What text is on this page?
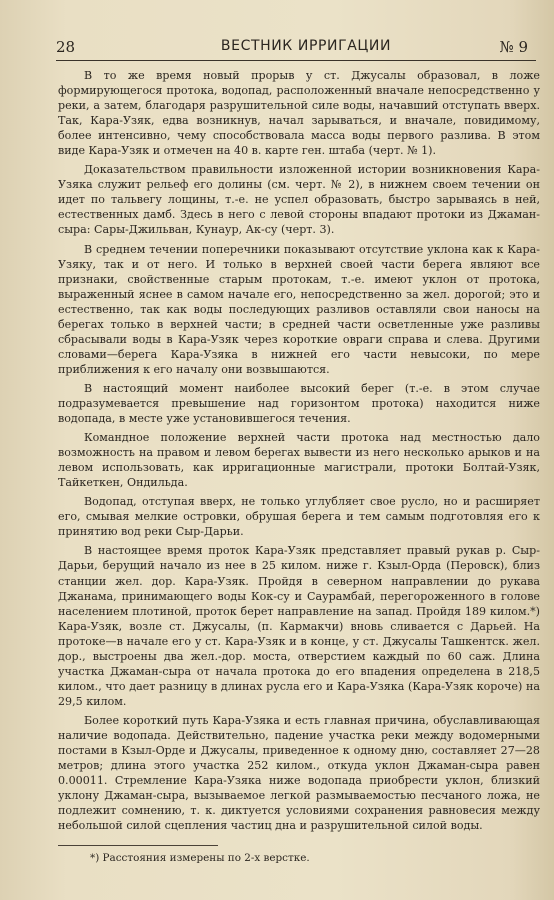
28	ВЕСТНИК ИРРИГАЦИИ	№ 9

В то же время новый прорыв у ст. Джусалы образовал, в ложе формирующегося протока, водопад, расположенный вначале непосредственно у реки, а затем, благодаря разрушительной силе воды, начавший отступать вверх. Так, Кара-Узяк, едва возникнув, начал зарываться, и вначале, повидимому, более интенсивно, чему способствовала масса воды первого разлива. В этом виде Кара-Узяк и отмечен на 40 в. карте ген. штаба (черт. № 1).

Доказательством правильности изложенной истории возникновения Кара-Узяка служит рельеф его долины (см. черт. № 2), в нижнем своем течении он идет по тальвегу лощины, т.-е. не успел образовать, быстро зарываясь в ней, естественных дамб. Здесь в него с левой стороны впадают протоки из Джаман-сыра: Сары-Джильван, Кунаур, Ак-су (черт. 3).

В среднем течении поперечники показывают отсутствие уклона как к Кара-Узяку, так и от него. И только в верхней своей части берега являют все признаки, свойственные старым протокам, т.-е. имеют уклон от протока, выраженный яснее в самом начале его, непосредственно за жел. дорогой; это и естественно, так как воды последующих разливов оставляли свои наносы на берегах только в верхней части; в средней части осветленные уже разливы сбрасывали воды в Кара-Узяк через короткие овраги справа и слева. Другими словами—берега Кара-Узяка в нижней его части невысоки, по мере приближения к его началу они возвышаются.

В настоящий момент наиболее высокий берег (т.-е. в этом случае подразумевается превышение над горизонтом протока) находится ниже водопада, в месте уже установившегося течения.

Командное положение верхней части протока над местностью дало возможность на правом и левом берегах вывести из него несколько арыков и на левом использовать, как ирригационные магистрали, протоки Болтай-Узяк, Тайкеткен, Ондильда.

Водопад, отступая вверх, не только углубляет свое русло, но и расширяет его, смывая мелкие островки, обрушая берега и тем самым подготовляя его к принятию вод реки Сыр-Дарьи.

В настоящее время проток Кара-Узяк представляет правый рукав р. Сыр-Дарьи, берущий начало из нее в 25 килом. ниже г. Кзыл-Орда (Перовск), близ станции жел. дор. Кара-Узяк. Пройдя в северном направлении до рукава Джанама, принимающего воды Кок-су и Саурамбай, перегороженного в голове населением плотиной, проток берет направление на запад. Пройдя 189 килом.*) Кара-Узяк, возле ст. Джусалы, (п. Кармакчи) вновь сливается с Дарьей. На протоке—в начале его у ст. Кара-Узяк и в конце, у ст. Джусалы Ташкентск. жел. дор., выстроены два жел.-дор. моста, отверстием каждый по 60 саж. Длина участка Джаман-сыра от начала протока до его впадения определена в 218,5 килом., что дает разницу в длинах русла его и Кара-Узяка (Кара-Узяк короче) на 29,5 килом.

Более короткий путь Кара-Узяка и есть главная причина, обуславливающая наличие водопада. Действительно, падение участка реки между водомерными постами в Кзыл-Орде и Джусалы, приведенное к одному дню, составляет 27—28 метров; длина этого участка 252 килом., откуда уклон Джаман-сыра равен 0.00011. Стремление Кара-Узяка ниже водопада приобрести уклон, близкий уклону Джаман-сыра, вызываемое легкой размываемостью песчаного ложа, не подлежит сомнению, т. к. диктуется условиями сохранения равновесия между небольшой силой сцепления частиц дна и разрушительной силой воды.

*) Расстояния измерены по 2-х верстке.
